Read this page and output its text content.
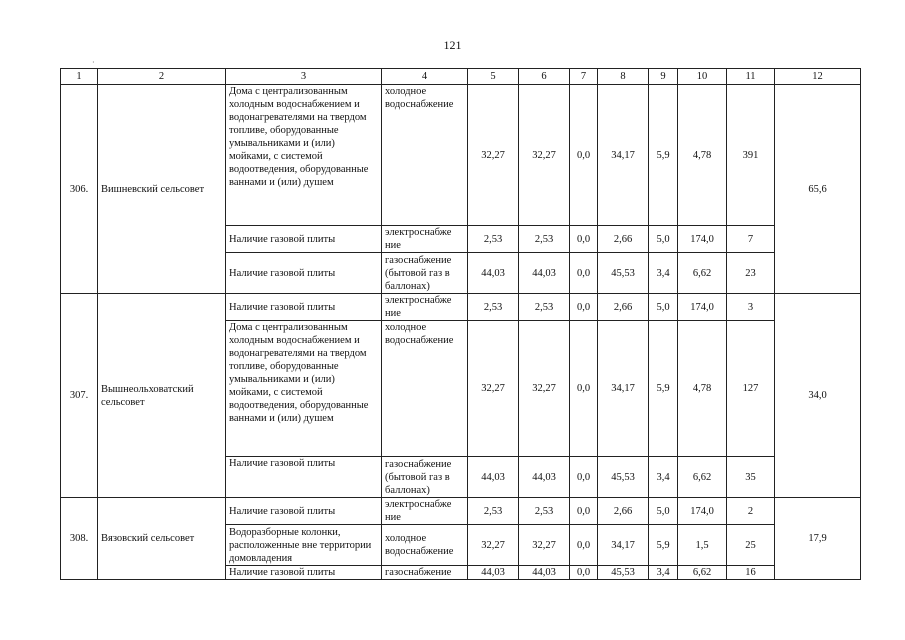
121
·
1	2	3	4	5	6	7	8	9	10	11	12
306.	Вишневский сельсовет	Дома с централизованным холодным водоснабжением и водонагревателями на твердом топливе, оборудованные умывальниками и (или) мойками, с системой водоотведения, оборудованные ваннами и (или) душем	холодное водоснабжение	32,27	32,27	0,0	34,17	5,9	4,78	391	65,6
		Наличие газовой плиты	электроснабже ние	2,53	2,53	0,0	2,66	5,0	174,0	7	
		Наличие газовой плиты	газоснабжение (бытовой газ в баллонах)	44,03	44,03	0,0	45,53	3,4	6,62	23	
307.	Вышнеольховатский сельсовет	Наличие газовой плиты	электроснабже ние	2,53	2,53	0,0	2,66	5,0	174,0	3	34,0
		Дома с централизованным холодным водоснабжением и водонагревателями на твердом топливе, оборудованные умывальниками и (или) мойками, с системой водоотведения, оборудованные ваннами и (или) душем	холодное водоснабжение	32,27	32,27	0,0	34,17	5,9	4,78	127	
		Наличие газовой плиты	газоснабжение (бытовой газ в баллонах)	44,03	44,03	0,0	45,53	3,4	6,62	35	
308.	Вязовский сельсовет	Наличие газовой плиты	электроснабже ние	2,53	2,53	0,0	2,66	5,0	174,0	2	17,9
		Водоразборные колонки, расположенные вне территории домовладения	холодное водоснабжение	32,27	32,27	0,0	34,17	5,9	1,5	25	
		Наличие газовой плиты	газоснабжение	44,03	44,03	0,0	45,53	3,4	6,62	16	
